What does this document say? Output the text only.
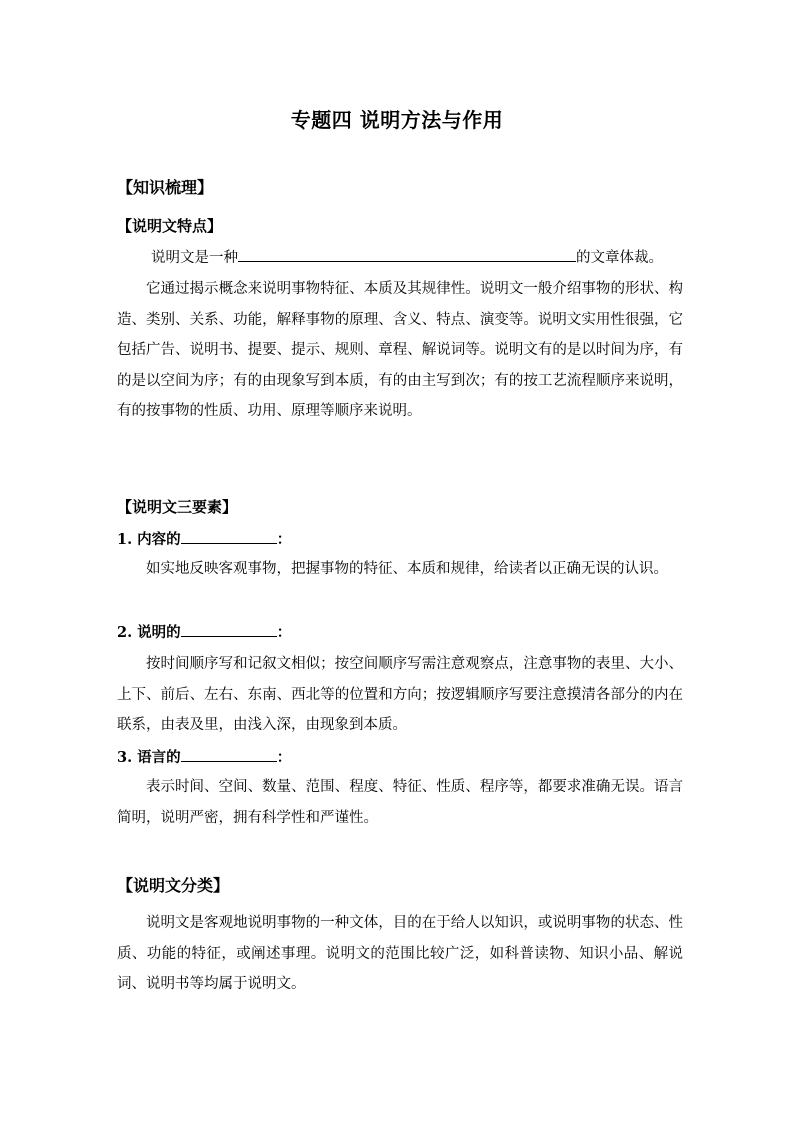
专题四 说明方法与作用
【知识梳理】
【说明文特点】
说明文是一种	的文章体裁。

它通过揭示概念来说明事物特征、本质及其规律性。说明文一般介绍事物的形状、构造、类别、关系、功能，解释事物的原理、含义、特点、演变等。说明文实用性很强，它包括广告、说明书、提要、提示、规则、章程、解说词等。说明文有的是以时间为序，有的是以空间为序；有的由现象写到本质，有的由主写到次；有的按工艺流程顺序来说明，有的按事物的性质、功用、原理等顺序来说明。

【说明文三要素】
1. 内容的	：

如实地反映客观事物，把握事物的特征、本质和规律，给读者以正确无误的认识。

2. 说明的	：

按时间顺序写和记叙文相似；按空间顺序写需注意观察点，注意事物的表里、大小、上下、前后、左右、东南、西北等的位置和方向；按逻辑顺序写要注意摸清各部分的内在联系，由表及里，由浅入深，由现象到本质。

3. 语言的	：

表示时间、空间、数量、范围、程度、特征、性质、程序等，都要求准确无误。语言简明，说明严密，拥有科学性和严谨性。

【说明文分类】

说明文是客观地说明事物的一种文体，目的在于给人以知识，或说明事物的状态、性质、功能的特征，或阐述事理。说明文的范围比较广泛，如科普读物、知识小品、解说词、说明书等均属于说明文。
